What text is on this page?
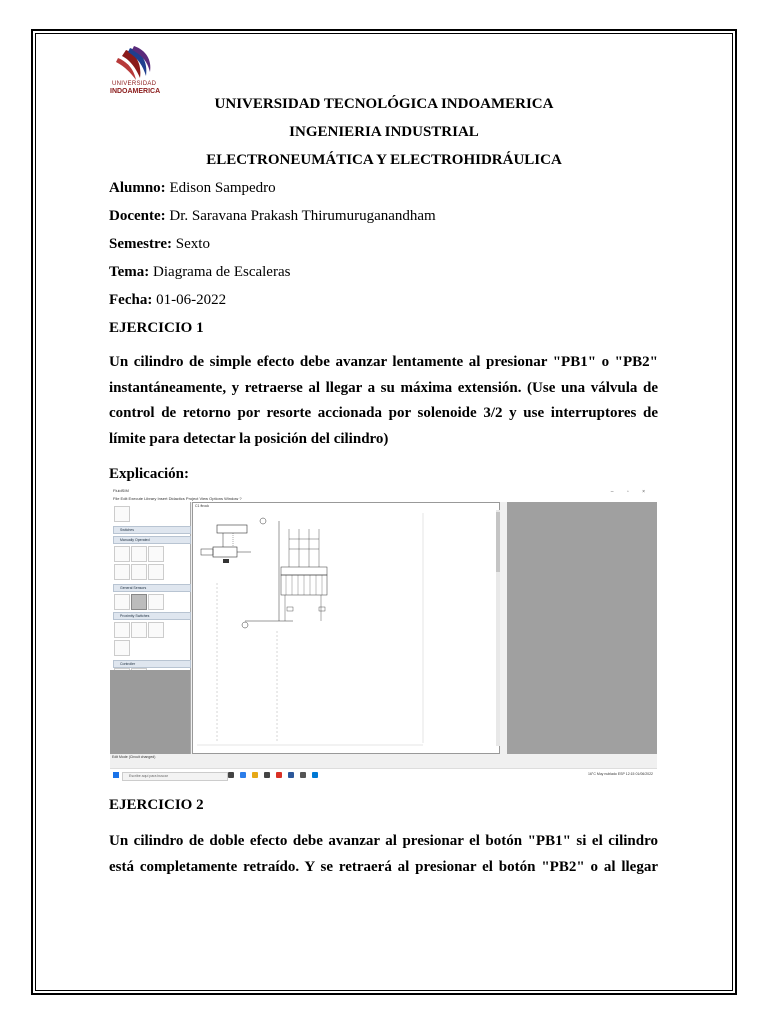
UNIVERSIDAD
INDOAMERICA
UNIVERSIDAD TECNOLÓGICA INDOAMERICA
INGENIERIA INDUSTRIAL
ELECTRONEUMÁTICA Y ELECTROHIDRÁULICA
Alumno: Edison Sampedro
Docente: Dr. Saravana Prakash Thirumuruganandham
Semestre: Sexto
Tema: Diagrama de Escaleras
Fecha: 01-06-2022
EJERCICIO 1
Un cilindro de simple efecto debe avanzar lentamente al presionar "PB1" o "PB2"
instantáneamente, y retraerse al llegar a su máxima extensión. (Use una válvula de
control de retorno por resorte accionada por solenoide 3/2 y use interruptores de
límite para detectar la posición del cilindro)
Explicación:
FluidSIM	– ▫ ×
File Edit Execute Library Insert Didactics Project View Options Window ?
Switches
Manually Operated
General Sensors
Proximity Switches
Controller
C1 ftrock
Edit Mode (Circuit changed)
Escribe aquí para buscar	16°C Muy nublado ESP 12:15 01/06/2022
EJERCICIO 2
Un cilindro de doble efecto debe avanzar al presionar el botón "PB1" si el cilindro
está completamente retraído. Y se retraerá al presionar el botón "PB2" o al llegar
